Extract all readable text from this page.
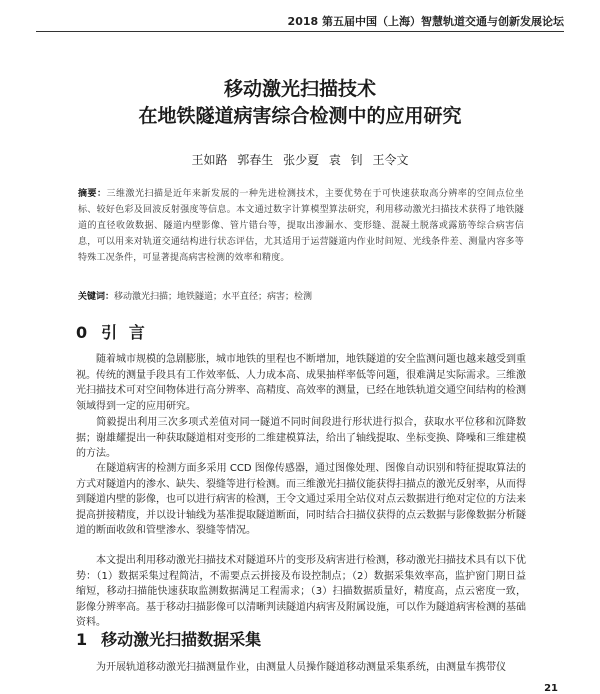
2018 第五届中国（上海）智慧轨道交通与创新发展论坛
移动激光扫描技术
在地铁隧道病害综合检测中的应用研究
王如路 郭春生 张少夏 袁 钊 王令文
摘要：三维激光扫描是近年来新发展的一种先进检测技术，主要优势在于可快速获取高分辨率的空间点位坐标、较好色彩及回波反射强度等信息。本文通过数字计算模型算法研究，利用移动激光扫描技术获得了地铁隧道的直径收敛数据、隧道内壁影像、管片错台等，提取出渗漏水、变形缝、混凝土脱落或露筋等综合病害信息，可以用来对轨道交通结构进行状态评估，尤其适用于运营隧道内作业时间短、光线条件差、测量内容多等特殊工况条件，可显著提高病害检测的效率和精度。
关键词：移动激光扫描；地铁隧道；水平直径；病害；检测
0 引 言
随着城市规模的急剧膨胀，城市地铁的里程也不断增加，地铁隧道的安全监测问题也越来越受到重视。传统的测量手段具有工作效率低、人力成本高、成果抽样率低等问题，很难满足实际需求。三维激光扫描技术可对空间物体进行高分辨率、高精度、高效率的测量，已经在地铁轨道交通空间结构的检测领域得到一定的应用研究。
简毅提出利用三次多项式差值对同一隧道不同时间段进行形状进行拟合，获取水平位移和沉降数据；谢雄耀提出一种获取隧道相对变形的二维建模算法，给出了轴线提取、坐标变换、降噪和三维建模的方法。
在隧道病害的检测方面多采用 CCD 图像传感器，通过图像处理、图像自动识别和特征提取算法的方式对隧道内的渗水、缺失、裂缝等进行检测。而三维激光扫描仪能获得扫描点的激光反射率，从而得到隧道内壁的影像，也可以进行病害的检测，王令文通过采用全站仪对点云数据进行绝对定位的方法来提高拼接精度，并以设计轴线为基准提取隧道断面，同时结合扫描仪获得的点云数据与影像数据分析隧道的断面收敛和管壁渗水、裂缝等情况。
本文提出利用移动激光扫描技术对隧道环片的变形及病害进行检测，移动激光扫描技术具有以下优势：（1）数据采集过程简洁，不需要点云拼接及布设控制点；（2）数据采集效率高，监护窗门期日益缩短，移动扫描能快速获取监测数据满足工程需求；（3）扫描数据质量好，精度高，点云密度一致，影像分辨率高。基于移动扫描影像可以清晰判读隧道内病害及附属设施，可以作为隧道病害检测的基础资料。
1 移动激光扫描数据采集
为开展轨道移动激光扫描测量作业，由测量人员操作隧道移动测量采集系统，由测量车携带仪
21
